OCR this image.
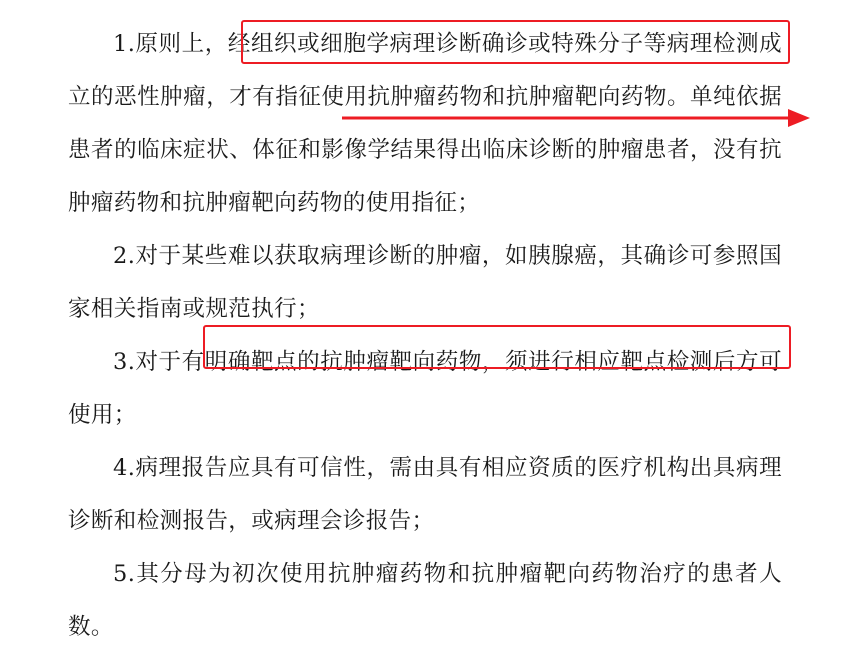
1.原则上，经组织或细胞学病理诊断确诊或特殊分子等病理检测成立的恶性肿瘤，才有指征使用抗肿瘤药物和抗肿瘤靶向药物。单纯依据患者的临床症状、体征和影像学结果得出临床诊断的肿瘤患者，没有抗肿瘤药物和抗肿瘤靶向药物的使用指征；

2.对于某些难以获取病理诊断的肿瘤，如胰腺癌，其确诊可参照国家相关指南或规范执行；

3.对于有明确靶点的抗肿瘤靶向药物，须进行相应靶点检测后方可使用；

4.病理报告应具有可信性，需由具有相应资质的医疗机构出具病理诊断和检测报告，或病理会诊报告；

5.其分母为初次使用抗肿瘤药物和抗肿瘤靶向药物治疗的患者人数。
